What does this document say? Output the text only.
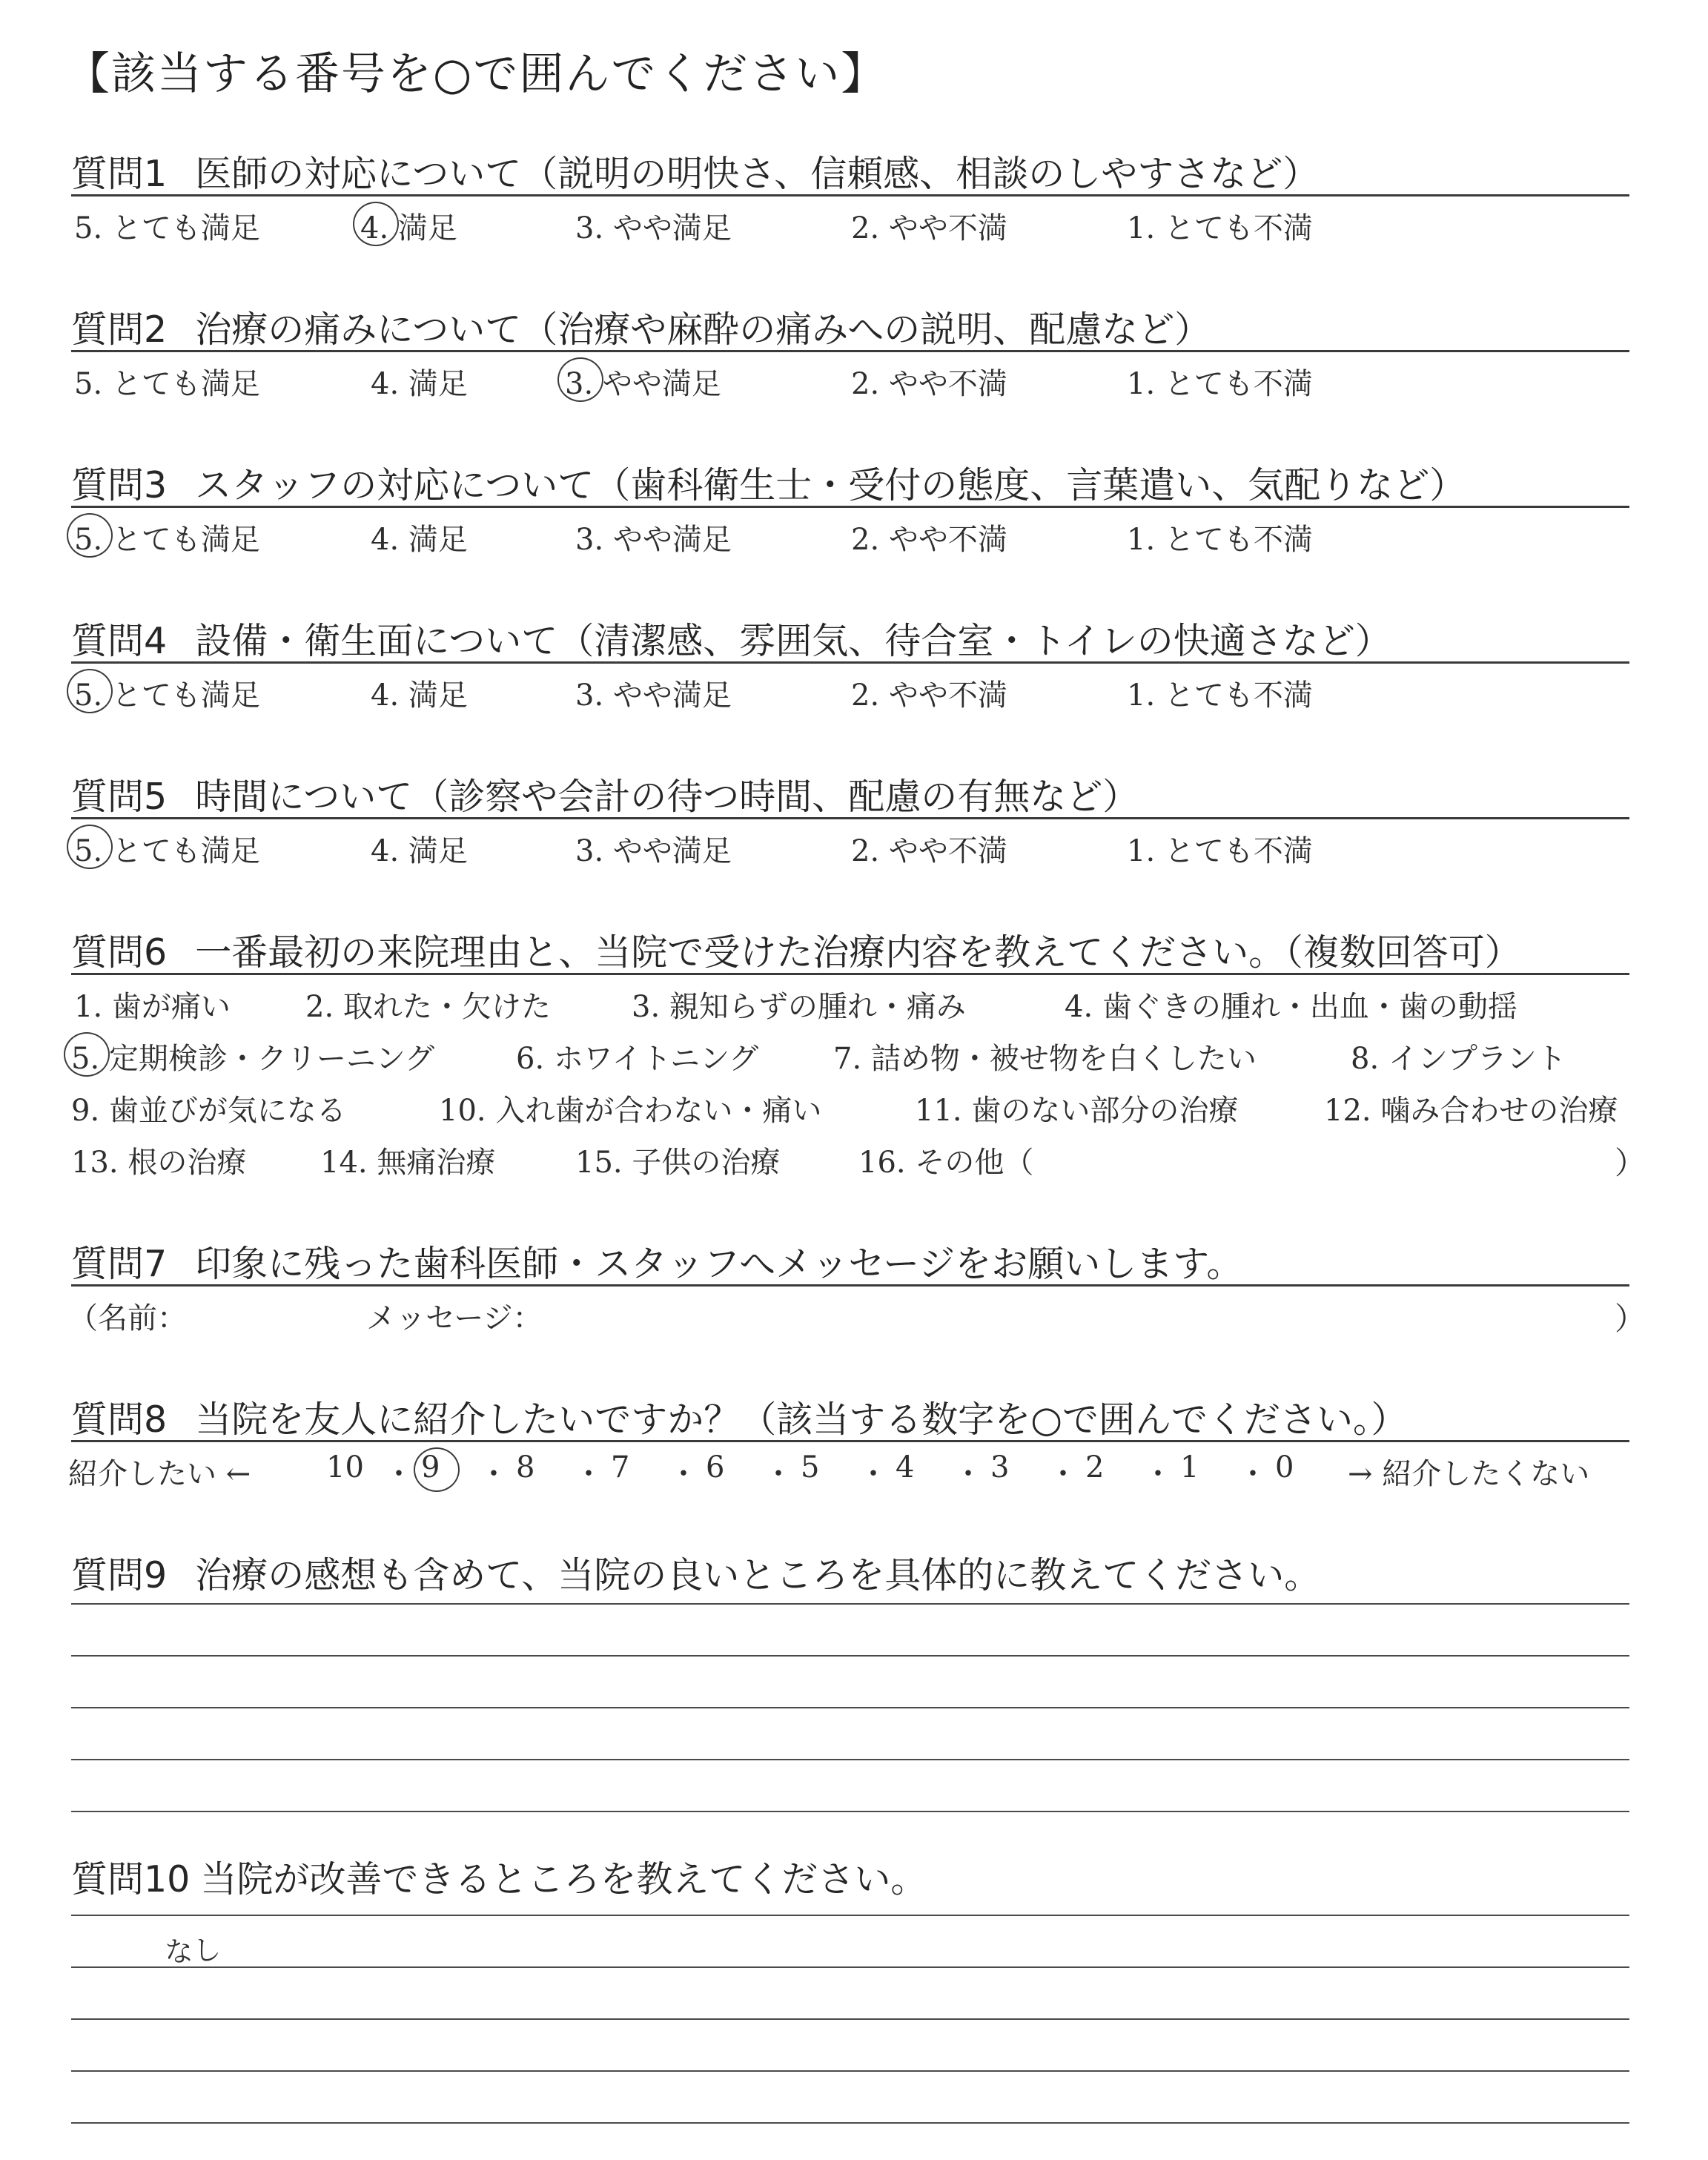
【該当する番号を○で囲んでください】
質問1 医師の対応について（説明の明快さ、信頼感、相談のしやすさなど）
5. とても満足	4. 満足	3. やや満足	2. やや不満	1. とても不満
質問2 治療の痛みについて（治療や麻酔の痛みへの説明、配慮など）
5. とても満足	4. 満足	3. やや満足	2. やや不満	1. とても不満
質問3 スタッフの対応について（歯科衛生士・受付の態度、言葉遣い、気配りなど）
5. とても満足	4. 満足	3. やや満足	2. やや不満	1. とても不満
質問4 設備・衛生面について（清潔感、雰囲気、待合室・トイレの快適さなど）
5. とても満足	4. 満足	3. やや満足	2. やや不満	1. とても不満
質問5 時間について（診察や会計の待つ時間、配慮の有無など）
5. とても満足	4. 満足	3. やや満足	2. やや不満	1. とても不満
質問6 一番最初の来院理由と、当院で受けた治療内容を教えてください。（複数回答可）
1. 歯が痛い	2. 取れた・欠けた	3. 親知らずの腫れ・痛み	4. 歯ぐきの腫れ・出血・歯の動揺
5. 定期検診・クリーニング	6. ホワイトニング	7. 詰め物・被せ物を白くしたい	8. インプラント
9. 歯並びが気になる	10. 入れ歯が合わない・痛い	11. 歯のない部分の治療	12. 噛み合わせの治療
13. 根の治療 14. 無痛治療	15. 子供の治療	16. その他（	）
質問7 印象に残った歯科医師・スタッフへメッセージをお願いします。
（名前：	メッセージ：	）
質問8 当院を友人に紹介したいですか？（該当する数字を○で囲んでください。）
紹介したい ←	10 ・ 9 ・ 8 ・ 7 ・ 6 ・ 5 ・ 4 ・ 3 ・ 2 ・ 1 ・ 0 → 紹介したくない
質問9 治療の感想も含めて、当院の良いところを具体的に教えてください。
質問10 当院が改善できるところを教えてください。
なし
